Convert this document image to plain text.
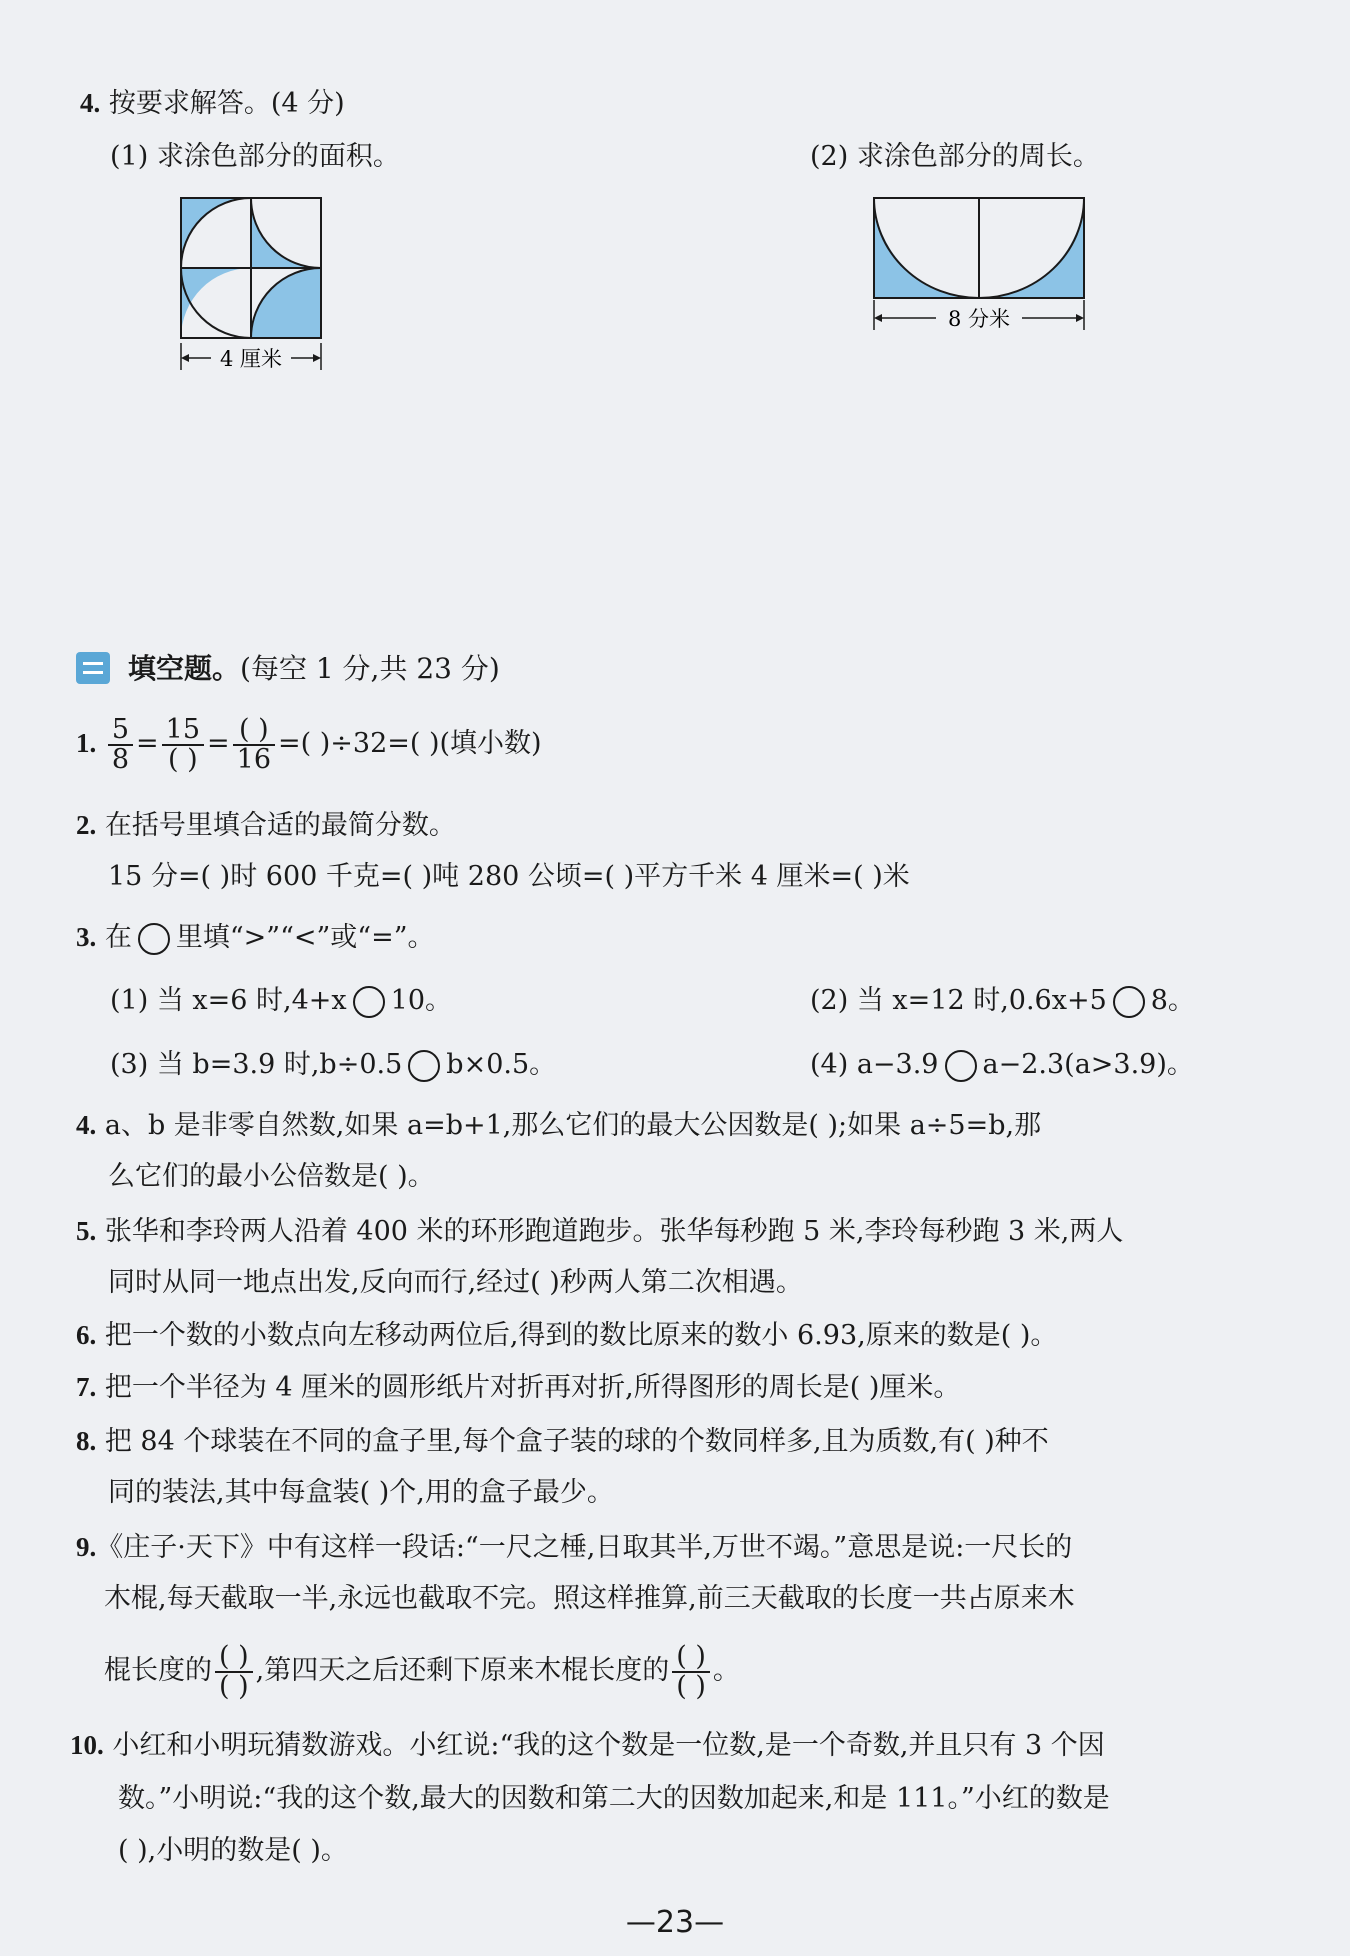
4. 按要求解答。(4 分)
(1) 求涂色部分的面积。	(2) 求涂色部分的周长。
4 厘米
8 分米
填空题。(每空 1 分,共 23 分)
1. $\frac{5}{8} = \frac{15}{( )} = \frac{( )}{16}$ =( )÷32=( )(填小数)
2. 在括号里填合适的最简分数。
15 分=( )时 600 千克=( )吨 280 公顷=( )平方千米 4 厘米=( )米
3. 在 里填“>”“<”或“=”。
(1) 当 x=6 时,4+x 10。	(2) 当 x=12 时,0.6x+5 8。
(3) 当 b=3.9 时,b÷0.5 b×0.5。	(4) a−3.9 a−2.3(a>3.9)。
4. a、b 是非零自然数,如果 a=b+1,那么它们的最大公因数是( );如果 a÷5=b,那
么它们的最小公倍数是( )。
5. 张华和李玲两人沿着 400 米的环形跑道跑步。张华每秒跑 5 米,李玲每秒跑 3 米,两人
同时从同一地点出发,反向而行,经过( )秒两人第二次相遇。
6. 把一个数的小数点向左移动两位后,得到的数比原来的数小 6.93,原来的数是( )。
7. 把一个半径为 4 厘米的圆形纸片对折再对折,所得图形的周长是( )厘米。
8. 把 84 个球装在不同的盒子里,每个盒子装的球的个数同样多,且为质数,有( )种不
同的装法,其中每盒装( )个,用的盒子最少。
9.《庄子·天下》中有这样一段话:“一尺之棰,日取其半,万世不竭。”意思是说:一尺长的
木棍,每天截取一半,永远也截取不完。照这样推算,前三天截取的长度一共占原来木
棍长度的 $\frac{( )}{( )}$ ,第四天之后还剩下原来木棍长度的 $\frac{( )}{( )}$ 。
10. 小红和小明玩猜数游戏。小红说:“我的这个数是一位数,是一个奇数,并且只有 3 个因
数。”小明说:“我的这个数,最大的因数和第二大的因数加起来,和是 111。”小红的数是
( ),小明的数是( )。
—23—
